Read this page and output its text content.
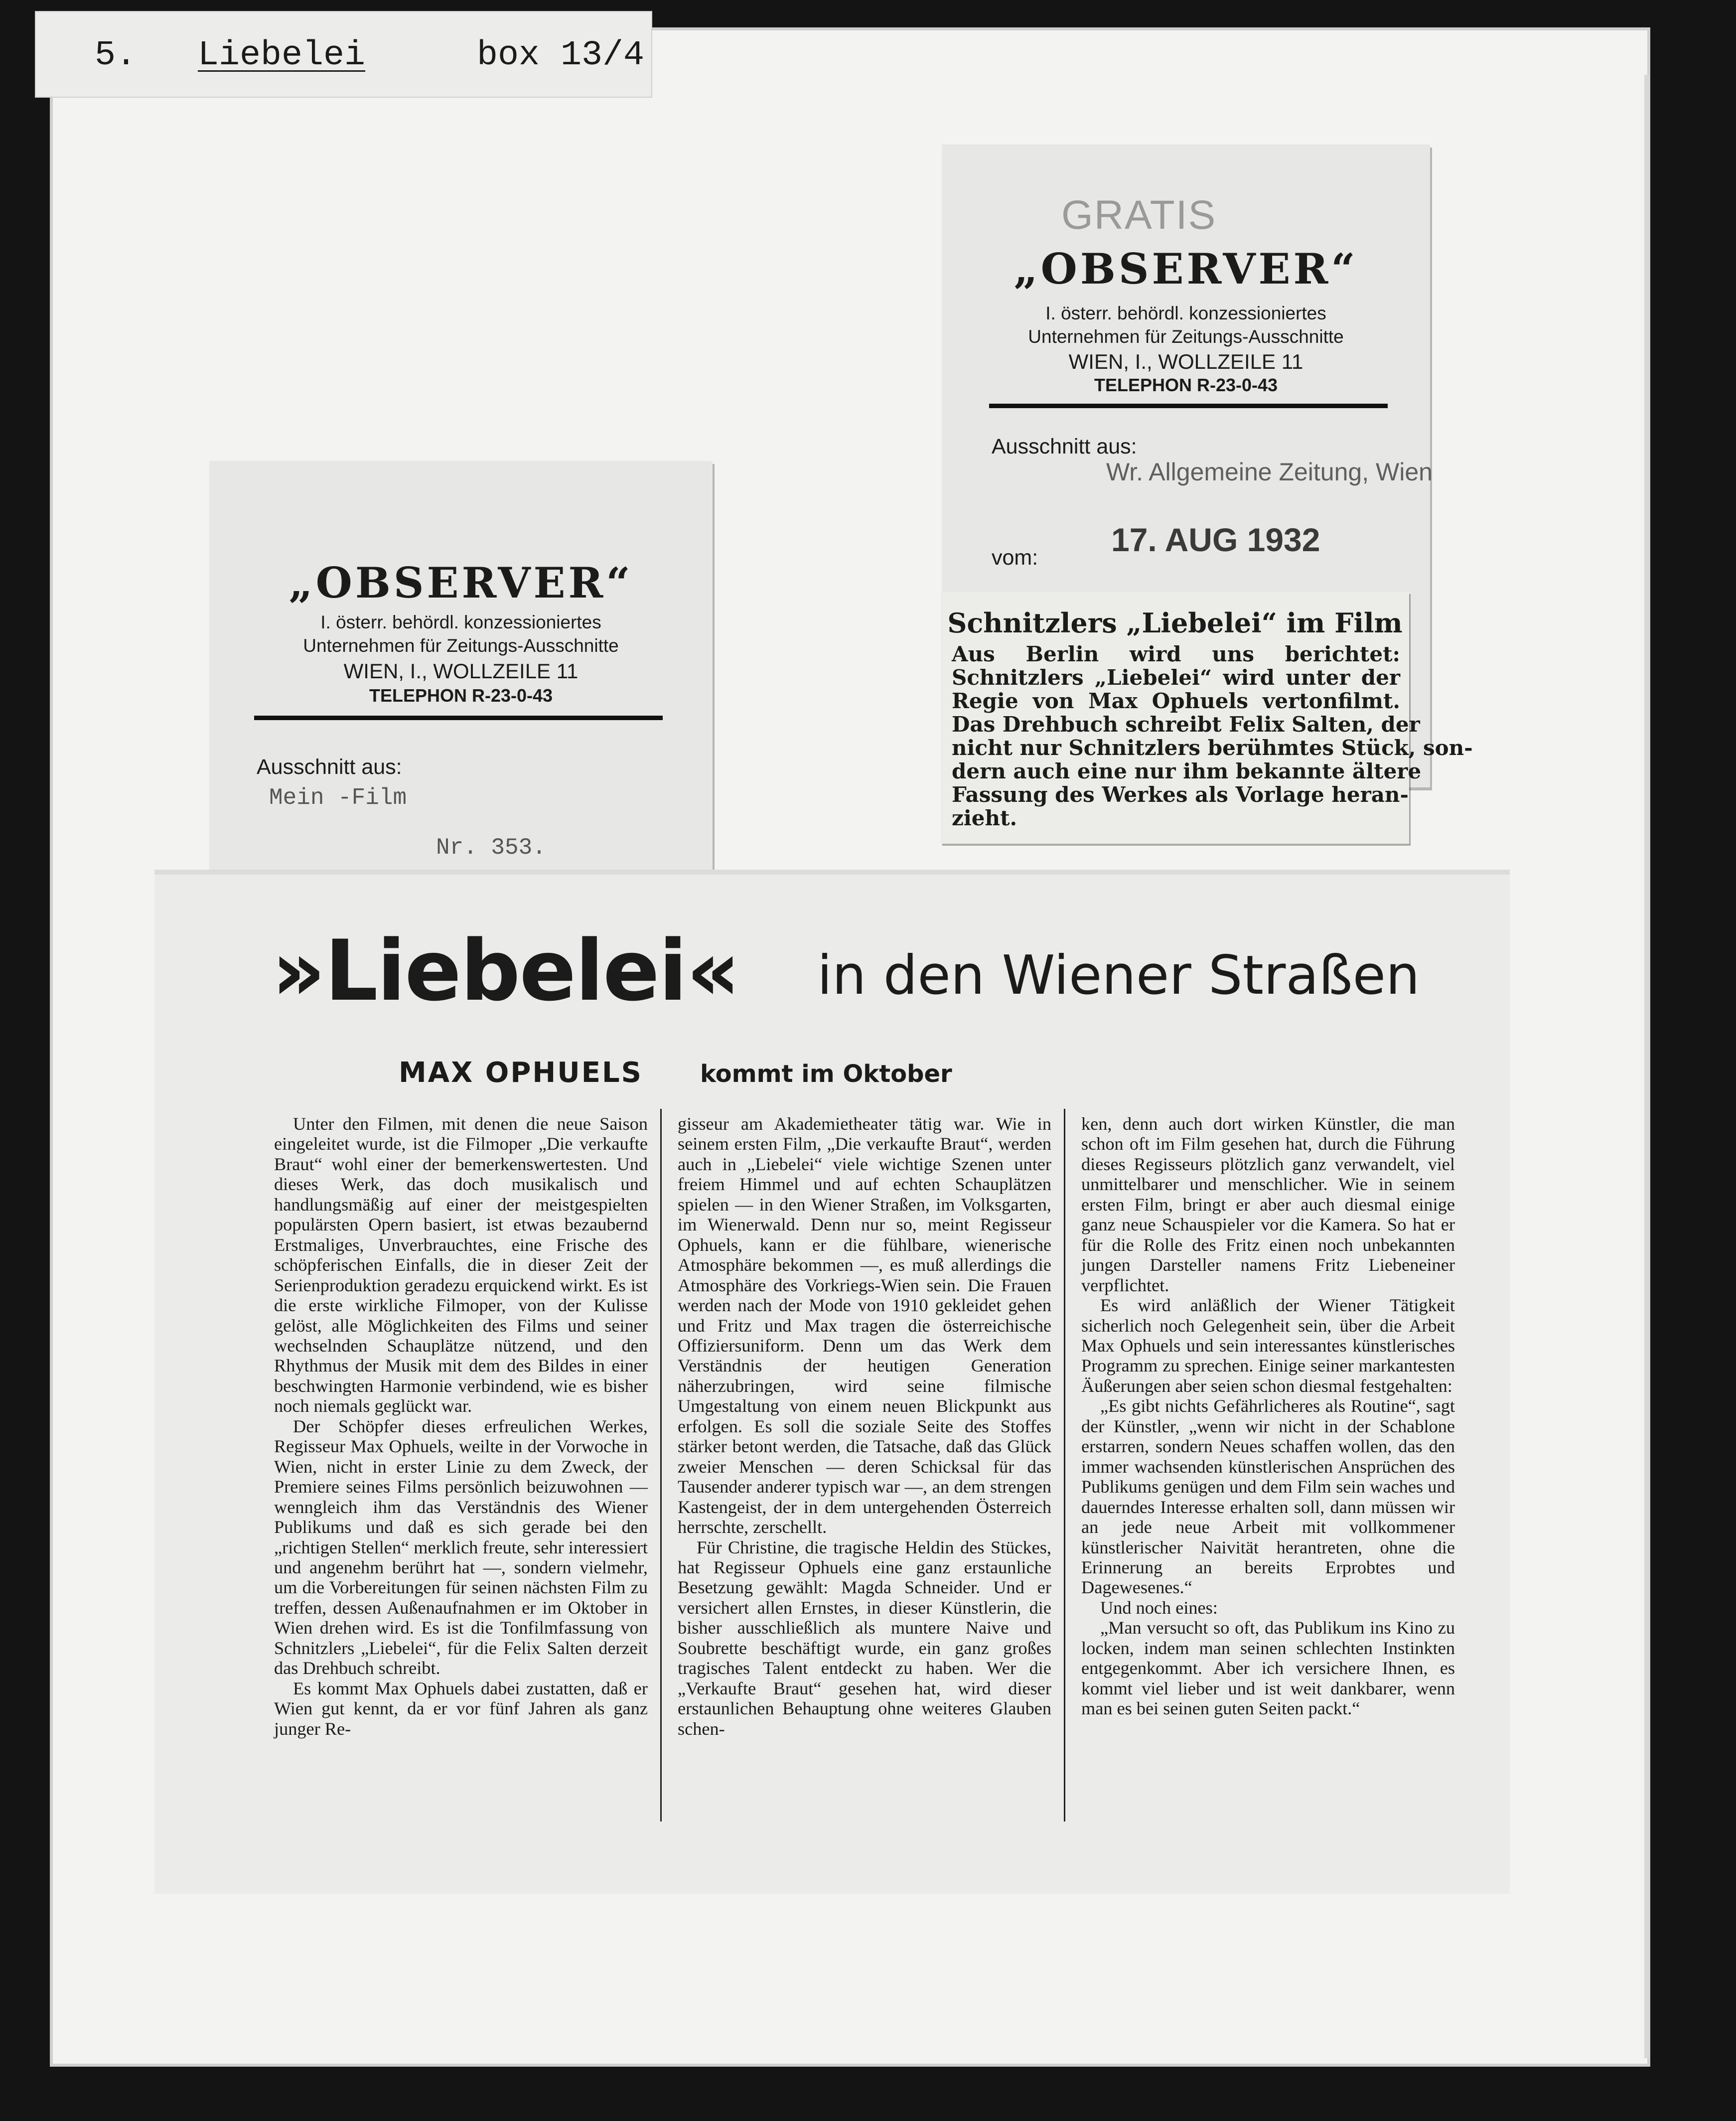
5. Liebelei	box 13/4
GRATIS
„OBSERVER“
I. österr. behördl. konzessioniertes
Unternehmen für Zeitungs-Ausschnitte
WIEN, I., WOLLZEILE 11
TELEPHON R-23-0-43
Ausschnitt aus:
Wr. Allgemeine Zeitung, Wien
vom: 17. AUG 1932
Schnitzlers „Liebelei“ im Film
Aus Berlin wird uns berichtet:
Schnitzlers „Liebelei“ wird unter der
Regie von Max Ophuels vertonfilmt.
Das Drehbuch schreibt Felix Salten, der
nicht nur Schnitzlers berühmtes Stück, son-
dern auch eine nur ihm bekannte ältere
Fassung des Werkes als Vorlage heran-
zieht.
„OBSERVER“
I. österr. behördl. konzessioniertes
Unternehmen für Zeitungs-Ausschnitte
WIEN, I., WOLLZEILE 11
TELEPHON R-23-0-43
Ausschnitt aus:
Mein -Film
Nr. 353.
»Liebelei« in den Wiener Straßen
MAX OPHUELS kommt im Oktober

Unter den Filmen, mit denen die neue Saison eingeleitet wurde, ist die Filmoper „Die verkaufte Braut“ wohl einer der bemerkenswertesten. Und dieses Werk, das doch musikalisch und handlungsmäßig auf einer der meistgespielten populärsten Opern basiert, ist etwas bezaubernd Erstmaliges, Unverbrauchtes, eine Frische des schöpferischen Einfalls, die in dieser Zeit der Serienproduktion geradezu erquickend wirkt. Es ist die erste wirkliche Filmoper, von der Kulisse gelöst, alle Möglichkeiten des Films und seiner wechselnden Schauplätze nützend, und den Rhythmus der Musik mit dem des Bildes in einer beschwingten Harmonie verbindend, wie es bisher noch niemals geglückt war.

Der Schöpfer dieses erfreulichen Werkes, Regisseur Max Ophuels, weilte in der Vorwoche in Wien, nicht in erster Linie zu dem Zweck, der Premiere seines Films persönlich beizuwohnen — wenngleich ihm das Verständnis des Wiener Publikums und daß es sich gerade bei den „richtigen Stellen“ merklich freute, sehr interessiert und angenehm berührt hat —, sondern vielmehr, um die Vorbereitungen für seinen nächsten Film zu treffen, dessen Außenaufnahmen er im Oktober in Wien drehen wird. Es ist die Tonfilmfassung von Schnitzlers „Liebelei“, für die Felix Salten derzeit das Drehbuch schreibt.

Es kommt Max Ophuels dabei zustatten, daß er Wien gut kennt, da er vor fünf Jahren als ganz junger Re-

gisseur am Akademietheater tätig war. Wie in seinem ersten Film, „Die verkaufte Braut“, werden auch in „Liebelei“ viele wichtige Szenen unter freiem Himmel und auf echten Schauplätzen spielen — in den Wiener Straßen, im Volksgarten, im Wienerwald. Denn nur so, meint Regisseur Ophuels, kann er die fühlbare, wienerische Atmosphäre bekommen —, es muß allerdings die Atmosphäre des Vorkriegs-Wien sein. Die Frauen werden nach der Mode von 1910 gekleidet gehen und Fritz und Max tragen die österreichische Offiziersuniform. Denn um das Werk dem Verständnis der heutigen Generation näherzubringen, wird seine filmische Umgestaltung von einem neuen Blickpunkt aus erfolgen. Es soll die soziale Seite des Stoffes stärker betont werden, die Tatsache, daß das Glück zweier Menschen — deren Schicksal für das Tausender anderer typisch war —, an dem strengen Kastengeist, der in dem untergehenden Österreich herrschte, zerschellt.

Für Christine, die tragische Heldin des Stückes, hat Regisseur Ophuels eine ganz erstaunliche Besetzung gewählt: Magda Schneider. Und er versichert allen Ernstes, in dieser Künstlerin, die bisher ausschließlich als muntere Naive und Soubrette beschäftigt wurde, ein ganz großes tragisches Talent entdeckt zu haben. Wer die „Verkaufte Braut“ gesehen hat, wird dieser erstaunlichen Behauptung ohne weiteres Glauben schen-

ken, denn auch dort wirken Künstler, die man schon oft im Film gesehen hat, durch die Führung dieses Regisseurs plötzlich ganz verwandelt, viel unmittelbarer und menschlicher. Wie in seinem ersten Film, bringt er aber auch diesmal einige ganz neue Schauspieler vor die Kamera. So hat er für die Rolle des Fritz einen noch unbekannten jungen Darsteller namens Fritz Liebeneiner verpflichtet.

Es wird anläßlich der Wiener Tätigkeit sicherlich noch Gelegenheit sein, über die Arbeit Max Ophuels und sein interessantes künstlerisches Programm zu sprechen. Einige seiner markantesten Äußerungen aber seien schon diesmal festgehalten:

„Es gibt nichts Gefährlicheres als Routine“, sagt der Künstler, „wenn wir nicht in der Schablone erstarren, sondern Neues schaffen wollen, das den immer wachsenden künstlerischen Ansprüchen des Publikums genügen und dem Film sein waches und dauerndes Interesse erhalten soll, dann müssen wir an jede neue Arbeit mit vollkommener künstlerischer Naivität herantreten, ohne die Erinnerung an bereits Erprobtes und Dagewesenes.“

Und noch eines:

„Man versucht so oft, das Publikum ins Kino zu locken, indem man seinen schlechten Instinkten entgegenkommt. Aber ich versichere Ihnen, es kommt viel lieber und ist weit dankbarer, wenn man es bei seinen guten Seiten packt.“
